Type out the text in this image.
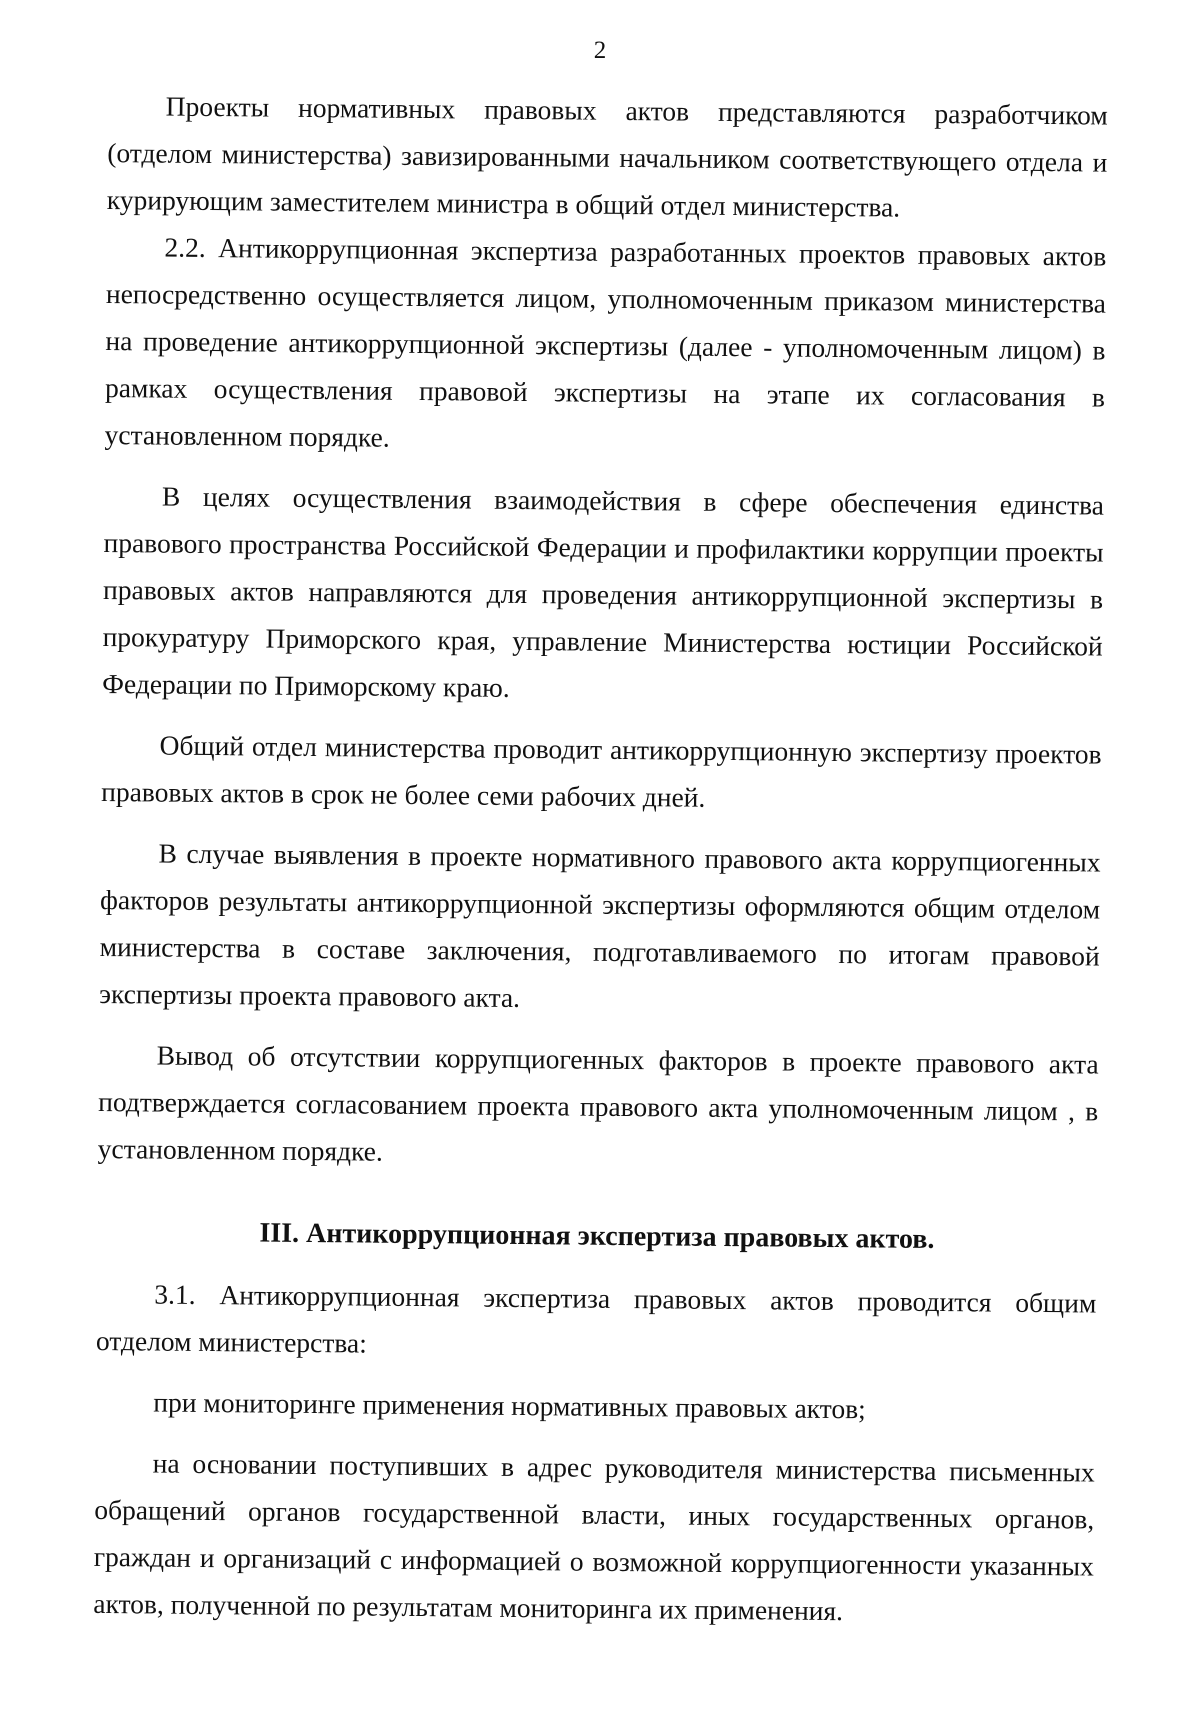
2

Проекты нормативных правовых актов представляются разработчиком (отделом министерства) завизированными начальником соответствующего отдела и курирующим заместителем министра в общий отдел министерства.

2.2. Антикоррупционная экспертиза разработанных проектов правовых актов непосредственно осуществляется лицом, уполномоченным приказом министерства на проведение антикоррупционной экспертизы (далее - уполномоченным лицом) в рамках осуществления правовой экспертизы на этапе их согласования в установленном порядке.

В целях осуществления взаимодействия в сфере обеспечения единства правового пространства Российской Федерации и профилактики коррупции проекты правовых актов направляются для проведения антикоррупционной экспертизы в прокуратуру Приморского края, управление Министерства юстиции Российской Федерации по Приморскому краю.

Общий отдел министерства проводит антикоррупционную экспертизу проектов правовых актов в срок не более семи рабочих дней.

В случае выявления в проекте нормативного правового акта коррупциогенных факторов результаты антикоррупционной экспертизы оформляются общим отделом министерства в составе заключения, подготавливаемого по итогам правовой экспертизы проекта правового акта.

Вывод об отсутствии коррупциогенных факторов в проекте правового акта подтверждается согласованием проекта правового акта уполномоченным лицом , в установленном порядке.

III. Антикоррупционная экспертиза правовых актов.

3.1. Антикоррупционная экспертиза правовых актов проводится общим отделом министерства:

при мониторинге применения нормативных правовых актов;

на основании поступивших в адрес руководителя министерства письменных обращений органов государственной власти, иных государственных органов, граждан и организаций с информацией о возможной коррупциогенности указанных актов, полученной по результатам мониторинга их применения.
